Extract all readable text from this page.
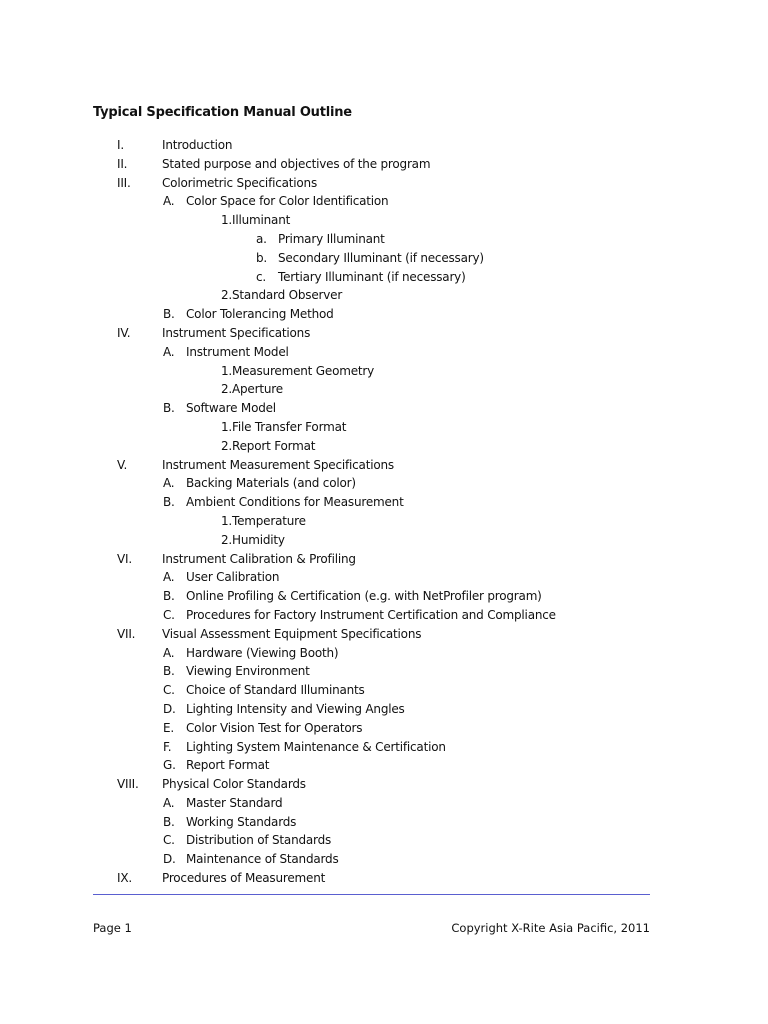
Typical Specification Manual Outline
I.	Introduction
II.	Stated purpose and objectives of the program
III.	Colorimetric Specifications
A. Color Space for Color Identification
1. Illuminant
a. Primary Illuminant
b. Secondary Illuminant (if necessary)
c. Tertiary Illuminant (if necessary)
2. Standard Observer
B. Color Tolerancing Method
IV.	Instrument Specifications
A. Instrument Model
1. Measurement Geometry
2. Aperture
B. Software Model
1. File Transfer Format
2. Report Format
V.	Instrument Measurement Specifications
A. Backing Materials (and color)
B. Ambient Conditions for Measurement
1. Temperature
2. Humidity
VI.	Instrument Calibration & Profiling
A. User Calibration
B. Online Profiling & Certification (e.g. with NetProfiler program)
C. Procedures for Factory Instrument Certification and Compliance
VII. Visual Assessment Equipment Specifications
A. Hardware (Viewing Booth)
B. Viewing Environment
C. Choice of Standard Illuminants
D. Lighting Intensity and Viewing Angles
E. Color Vision Test for Operators
F. Lighting System Maintenance & Certification
G. Report Format
VIII. Physical Color Standards
A. Master Standard
B. Working Standards
C. Distribution of Standards
D. Maintenance of Standards
IX.	Procedures of Measurement
Page 1	Copyright X-Rite Asia Pacific, 2011
